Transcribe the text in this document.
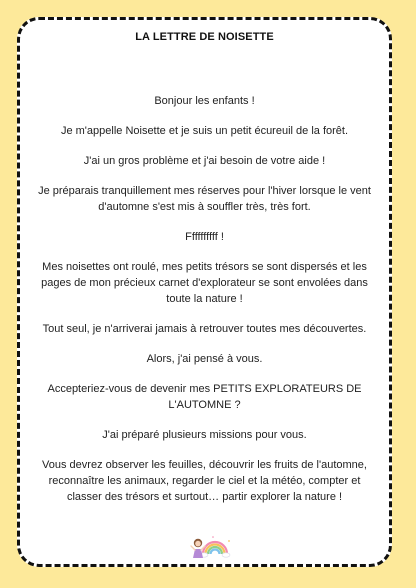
LA LETTRE DE NOISETTE

Bonjour les enfants !

Je m'appelle Noisette et je suis un petit écureuil de la forêt.

J'ai un gros problème et j'ai besoin de votre aide !

Je préparais tranquillement mes réserves pour l'hiver lorsque le vent d'automne s'est mis à souffler très, très fort.

Ffffffffff !

Mes noisettes ont roulé, mes petits trésors se sont dispersés et les pages de mon précieux carnet d'explorateur se sont envolées dans toute la nature !

Tout seul, je n'arriverai jamais à retrouver toutes mes découvertes.

Alors, j'ai pensé à vous.

Accepteriez-vous de devenir mes PETITS EXPLORATEURS DE L'AUTOMNE ?

J'ai préparé plusieurs missions pour vous.

Vous devrez observer les feuilles, découvrir les fruits de l'automne, reconnaître les animaux, regarder le ciel et la météo, compter et classer des trésors et surtout… partir explorer la nature !
